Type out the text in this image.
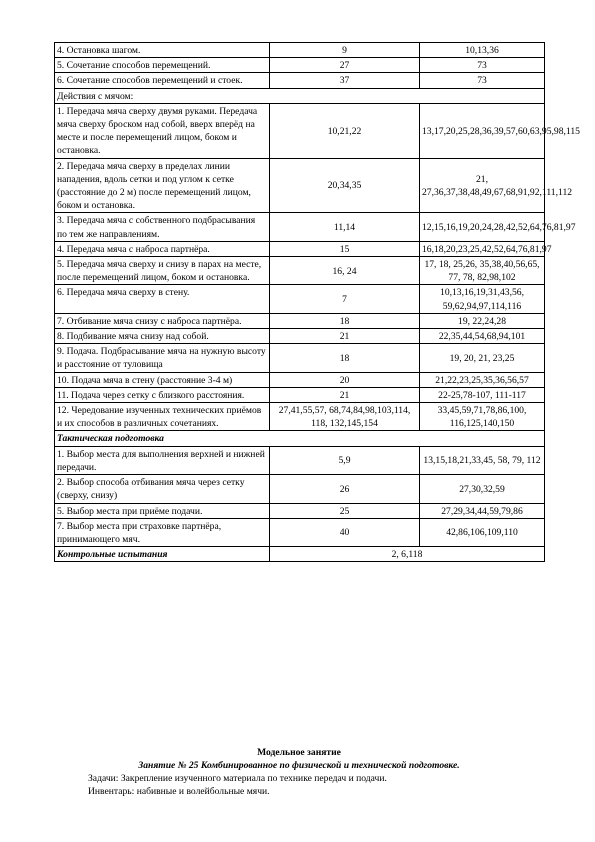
4. Остановка шагом.	9	10,13,36
5. Сочетание способов перемещений.	27	73
6. Сочетание способов перемещений и стоек.	37	73
Действия с мячом:		
1. Передача мяча сверху двумя руками. Передача мяча сверху броском над собой, вверх вперёд на месте и после перемещений лицом, боком и остановка.	10,21,22	13,17,20,25,28,36,39,57,60,63,95,98,115
2. Передача мяча сверху в пределах линии нападения, вдоль сетки и под углом к сетке (расстояние до 2 м) после перемещений лицом, боком и остановка.	20,34,35	21, 27,36,37,38,48,49,67,68,91,92,111,112
3. Передача мяча с собственного подбрасывания по тем же направлениям.	11,14	12,15,16,19,20,24,28,42,52,64,76,81,97
4. Передача мяча с наброса партнёра.	15	16,18,20,23,25,42,52,64,76,81,97
5. Передача мяча сверху и снизу в парах на месте, после перемещений лицом, боком и остановка.	16, 24	17, 18, 25,26, 35,38,40,56,65, 77, 78, 82,98,102
6. Передача мяча сверху в стену.	7	10,13,16,19,31,43,56, 59,62,94,97,114,116
7. Отбивание мяча снизу с наброса партнёра.	18	19, 22,24,28
8. Подбивание мяча снизу над собой.	21	22,35,44,54,68,94,101
9. Подача. Подбрасывание мяча на нужную высоту и расстояние от туловища	18	19, 20, 21, 23,25
10. Подача мяча в стену (расстояние 3-4 м)	20	21,22,23,25,35,36,56,57
11. Подача через сетку с близкого расстояния.	21	22-25,78-107, 111-117
12. Чередование изученных технических приёмов и их способов в различных сочетаниях.	27,41,55,57, 68,74,84,98,103,114, 118, 132,145,154	33,45,59,71,78,86,100, 116,125,140,150
Тактическая подготовка		
1. Выбор места для выполнения верхней и нижней передачи.	5,9	13,15,18,21,33,45, 58, 79, 112
2. Выбор способа отбивания мяча через сетку (сверху, снизу)	26	27,30,32,59
5. Выбор места при приёме подачи.	25	27,29,34,44,59,79,86
7. Выбор места при страховке партнёра, принимающего мяч.	40	42,86,106,109,110
Контрольные испытания	2, 6,118	
Модельное занятие
Занятие № 25 Комбинированное по физической и технической подготовке.
Задачи: Закрепление изученного материала по технике передач и подачи.
Инвентарь: набивные и волейбольные мячи.
